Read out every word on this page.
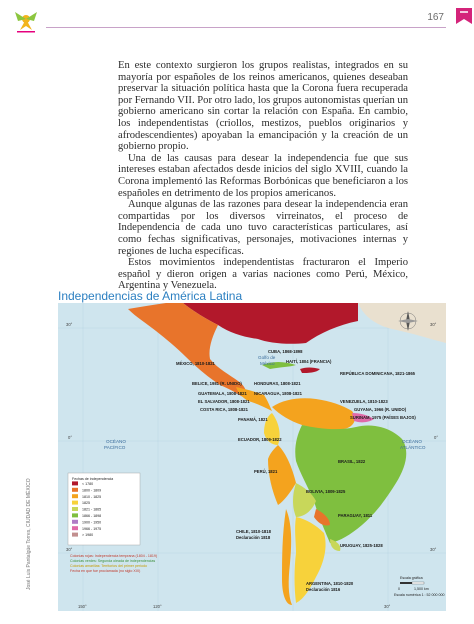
167

En este contexto surgieron los grupos realistas, integrados en su mayoría por españoles de los reinos americanos, quienes deseaban preservar la situación política hasta que la Corona fuera recuperada por Fernando VII. Por otro lado, los grupos autonomistas querían un gobierno americano sin cortar la relación con España. En cambio, los independentistas (criollos, mestizos, pueblos originarios y afrodescendientes) apoyaban la emancipación y la creación de un gobierno propio.

Una de las causas para desear la independencia fue que sus intereses estaban afectados desde inicios del siglo XVIII, cuando la Corona implementó las Reformas Borbónicas que beneficiaron a los españoles en detrimento de los propios americanos.

Aunque algunas de las razones para desear la independencia eran compartidas por los diversos virreinatos, el proceso de Independencia de cada uno tuvo características particulares, así como fechas significativas, personajes, motivaciones internas y regiones de lucha específicas.

Estos movimientos independentistas fracturaron el Imperio español y dieron origen a varias naciones como Perú, México, Argentina y Venezuela.

Independencias de América Latina
Golfo de
México
OCÉANO
PACÍFICO
OCÉANO
ATLÁNTICO
30°	30°
0°	0°
30°	30°
150°	120°	30°
MÉXICO, 1810-1821
CUBA, 1868-1898
HAITÍ, 1804 (FRANCIA)
REPÚBLICA DOMINICANA, 1821-1865
BELICE, 1981 (R. UNIDO)	HONDURAS, 1808-1821
GUATEMALA, 1808-1821 NICARAGUA, 1808-1821
EL SALVADOR, 1808-1821
COSTA RICA, 1808-1821
PANAMÁ, 1821
VENEZUELA, 1810-1823
GUYANA, 1966 (R. UNIDO)
SURINAM, 1975 (PAÍSES BAJOS)
ECUADOR, 1809-1822
PERÚ, 1821
BRASIL, 1822
BOLIVIA, 1809-1825
PARAGUAY, 1811
CHILE, 1810-1818
Declaración 1818
ARGENTINA, 1810-1820
Declaración 1816
URUGUAY, 1825-1828
Fechas de independencia
< 1780
1800 - 1809
1810 - 1825
1825
1821 - 1865
1866 - 1898
1900 - 1950
1966 - 1975
> 1980
Colonias rojas: Independencia temprana (1804 - 1819)
Colonias verdes: Segunda oleada de independencias
Colonias amarillas: Territorios del primer periodo
Fecha en que fue proclamada (no siglo XIX)
Escala gráfica
0	1,500 km
Escala numérica 1 : 52 000 000
José Luis Pantalgúe Torres, CIUDAD DE MÉXICO
